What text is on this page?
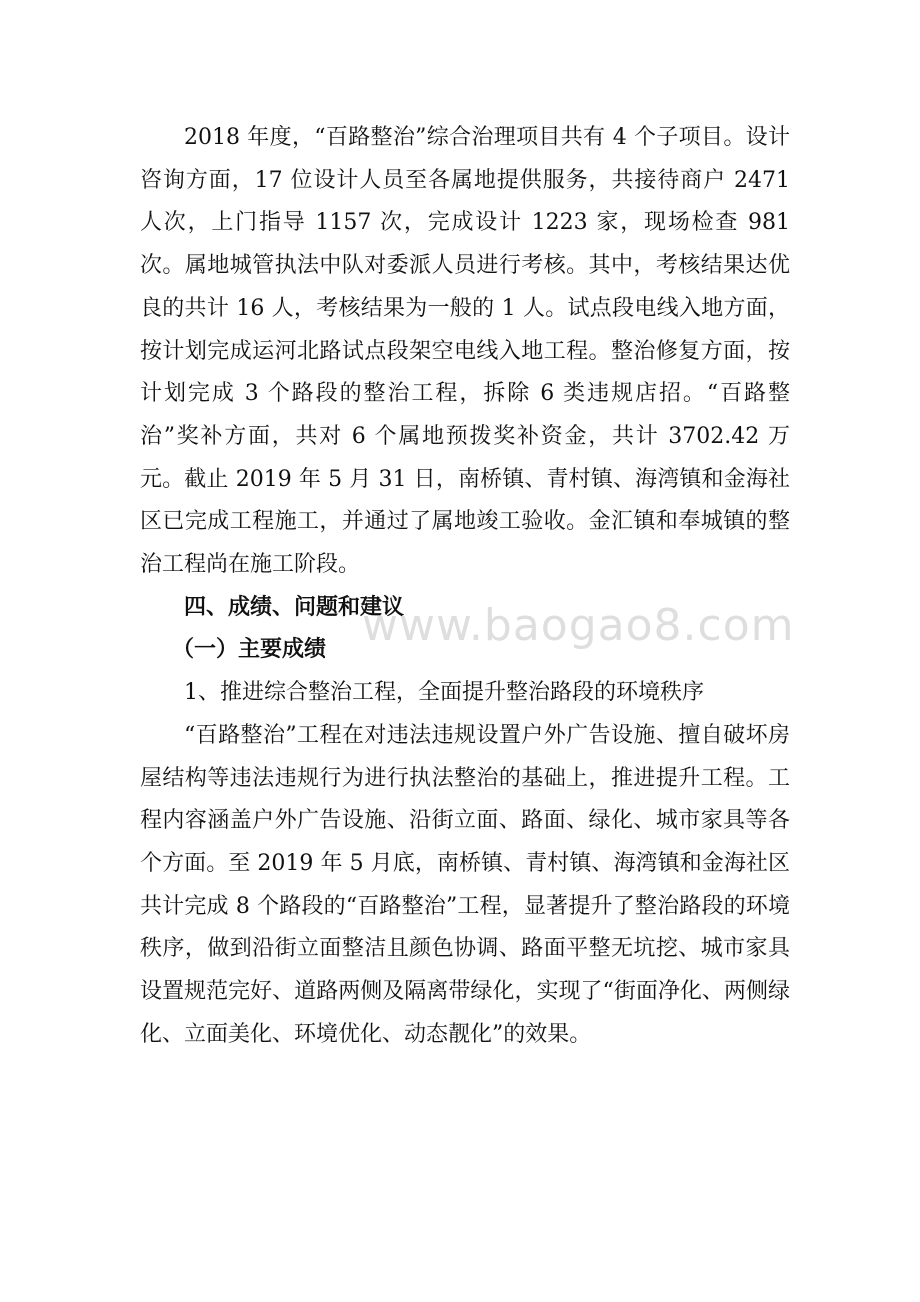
2018 年度，“百路整治”综合治理项目共有 4 个子项目。设计咨询方面，17 位设计人员至各属地提供服务，共接待商户 2471 人次，上门指导 1157 次，完成设计 1223 家，现场检查 981 次。属地城管执法中队对委派人员进行考核。其中，考核结果达优良的共计 16 人，考核结果为一般的 1 人。试点段电线入地方面，按计划完成运河北路试点段架空电线入地工程。整治修复方面，按计划完成 3 个路段的整治工程，拆除 6 类违规店招。“百路整治”奖补方面，共对 6 个属地预拨奖补资金，共计 3702.42 万元。截止 2019 年 5 月 31 日，南桥镇、青村镇、海湾镇和金海社区已完成工程施工，并通过了属地竣工验收。金汇镇和奉城镇的整治工程尚在施工阶段。

四、成绩、问题和建议

（一）主要成绩

1、推进综合整治工程，全面提升整治路段的环境秩序

“百路整治”工程在对违法违规设置户外广告设施、擅自破坏房屋结构等违法违规行为进行执法整治的基础上，推进提升工程。工程内容涵盖户外广告设施、沿街立面、路面、绿化、城市家具等各个方面。至 2019 年 5 月底，南桥镇、青村镇、海湾镇和金海社区共计完成 8 个路段的“百路整治”工程，显著提升了整治路段的环境秩序，做到沿街立面整洁且颜色协调、路面平整无坑挖、城市家具设置规范完好、道路两侧及隔离带绿化，实现了“街面净化、两侧绿化、立面美化、环境优化、动态靓化”的效果。

www.baogao8.com
